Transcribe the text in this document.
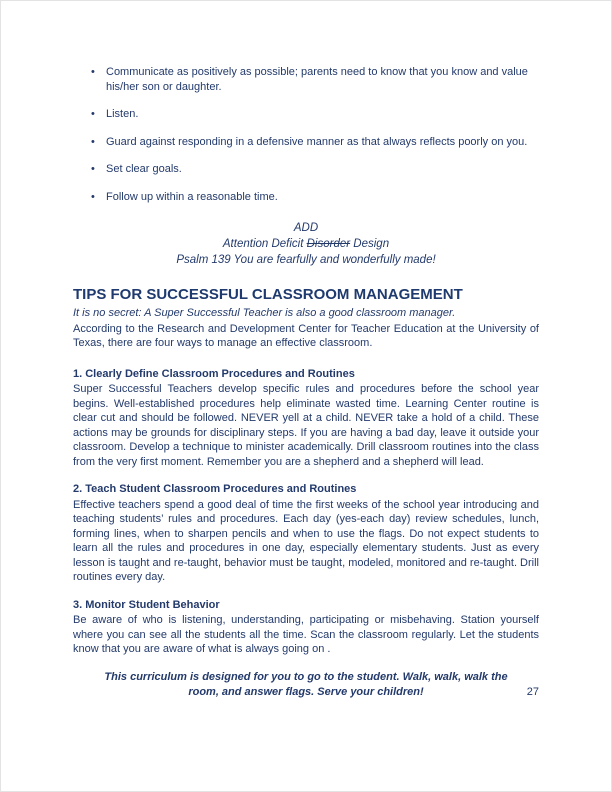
•	Communicate as positively as possible; parents need to know that you know and value his/her son or daughter.
•	Listen.
•	Guard against responding in a defensive manner as that always reflects poorly on you.
•	Set clear goals.
•	Follow up within a reasonable time.
ADD
Attention Deficit Disorder Design
Psalm 139 You are fearfully and wonderfully made!
TIPS FOR SUCCESSFUL CLASSROOM MANAGEMENT
It is no secret: A Super Successful Teacher is also a good classroom manager.
According to the Research and Development Center for Teacher Education at the University of Texas, there are four ways to manage an effective classroom.
1. Clearly Define Classroom Procedures and Routines
Super Successful Teachers develop specific rules and procedures before the school year begins. Well-established procedures help eliminate wasted time. Learning Center routine is clear cut and should be followed. NEVER yell at a child. NEVER take a hold of a child. These actions may be grounds for disciplinary steps. If you are having a bad day, leave it outside your classroom. Develop a technique to minister academically. Drill classroom routines into the class from the very first moment. Remember you are a shepherd and a shepherd will lead.
2. Teach Student Classroom Procedures and Routines
Effective teachers spend a good deal of time the first weeks of the school year introducing and teaching students’ rules and procedures. Each day (yes-each day) review schedules, lunch, forming lines, when to sharpen pencils and when to use the flags. Do not expect students to learn all the rules and procedures in one day, especially elementary students. Just as every lesson is taught and re-taught, behavior must be taught, modeled, monitored and re-taught. Drill routines every day.
3. Monitor Student Behavior
Be aware of who is listening, understanding, participating or misbehaving. Station yourself where you can see all the students all the time. Scan the classroom regularly. Let the students know that you are aware of what is always going on .
This curriculum is designed for you to go to the student. Walk, walk, walk the room, and answer flags. Serve your children!	27
